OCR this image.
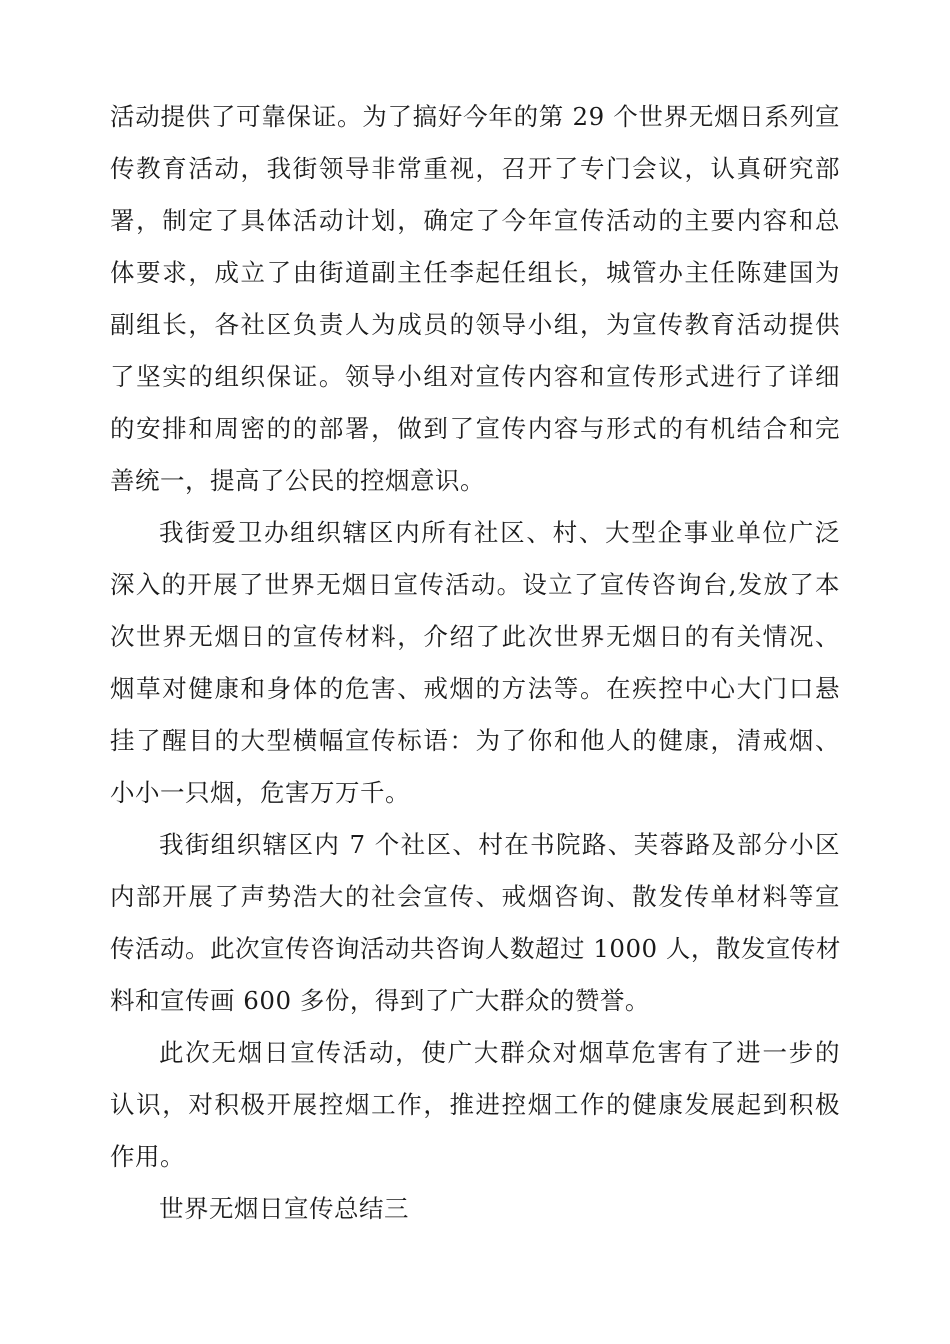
活动提供了可靠保证。为了搞好今年的第 29 个世界无烟日系列宣
传教育活动，我街领导非常重视，召开了专门会议，认真研究部
署，制定了具体活动计划，确定了今年宣传活动的主要内容和总
体要求，成立了由街道副主任李起任组长，城管办主任陈建国为
副组长，各社区负责人为成员的领导小组，为宣传教育活动提供
了坚实的组织保证。领导小组对宣传内容和宣传形式进行了详细
的安排和周密的的部署，做到了宣传内容与形式的有机结合和完
善统一，提高了公民的控烟意识。
我街爱卫办组织辖区内所有社区、村、大型企事业单位广泛
深入的开展了世界无烟日宣传活动。设立了宣传咨询台,发放了本
次世界无烟日的宣传材料，介绍了此次世界无烟日的有关情况、
烟草对健康和身体的危害、戒烟的方法等。在疾控中心大门口悬
挂了醒目的大型横幅宣传标语：为了你和他人的健康，清戒烟、
小小一只烟，危害万万千。
我街组织辖区内 7 个社区、村在书院路、芙蓉路及部分小区
内部开展了声势浩大的社会宣传、戒烟咨询、散发传单材料等宣
传活动。此次宣传咨询活动共咨询人数超过 1000 人，散发宣传材
料和宣传画 600 多份，得到了广大群众的赞誉。
此次无烟日宣传活动，使广大群众对烟草危害有了进一步的
认识，对积极开展控烟工作，推进控烟工作的健康发展起到积极
作用。
世界无烟日宣传总结三
